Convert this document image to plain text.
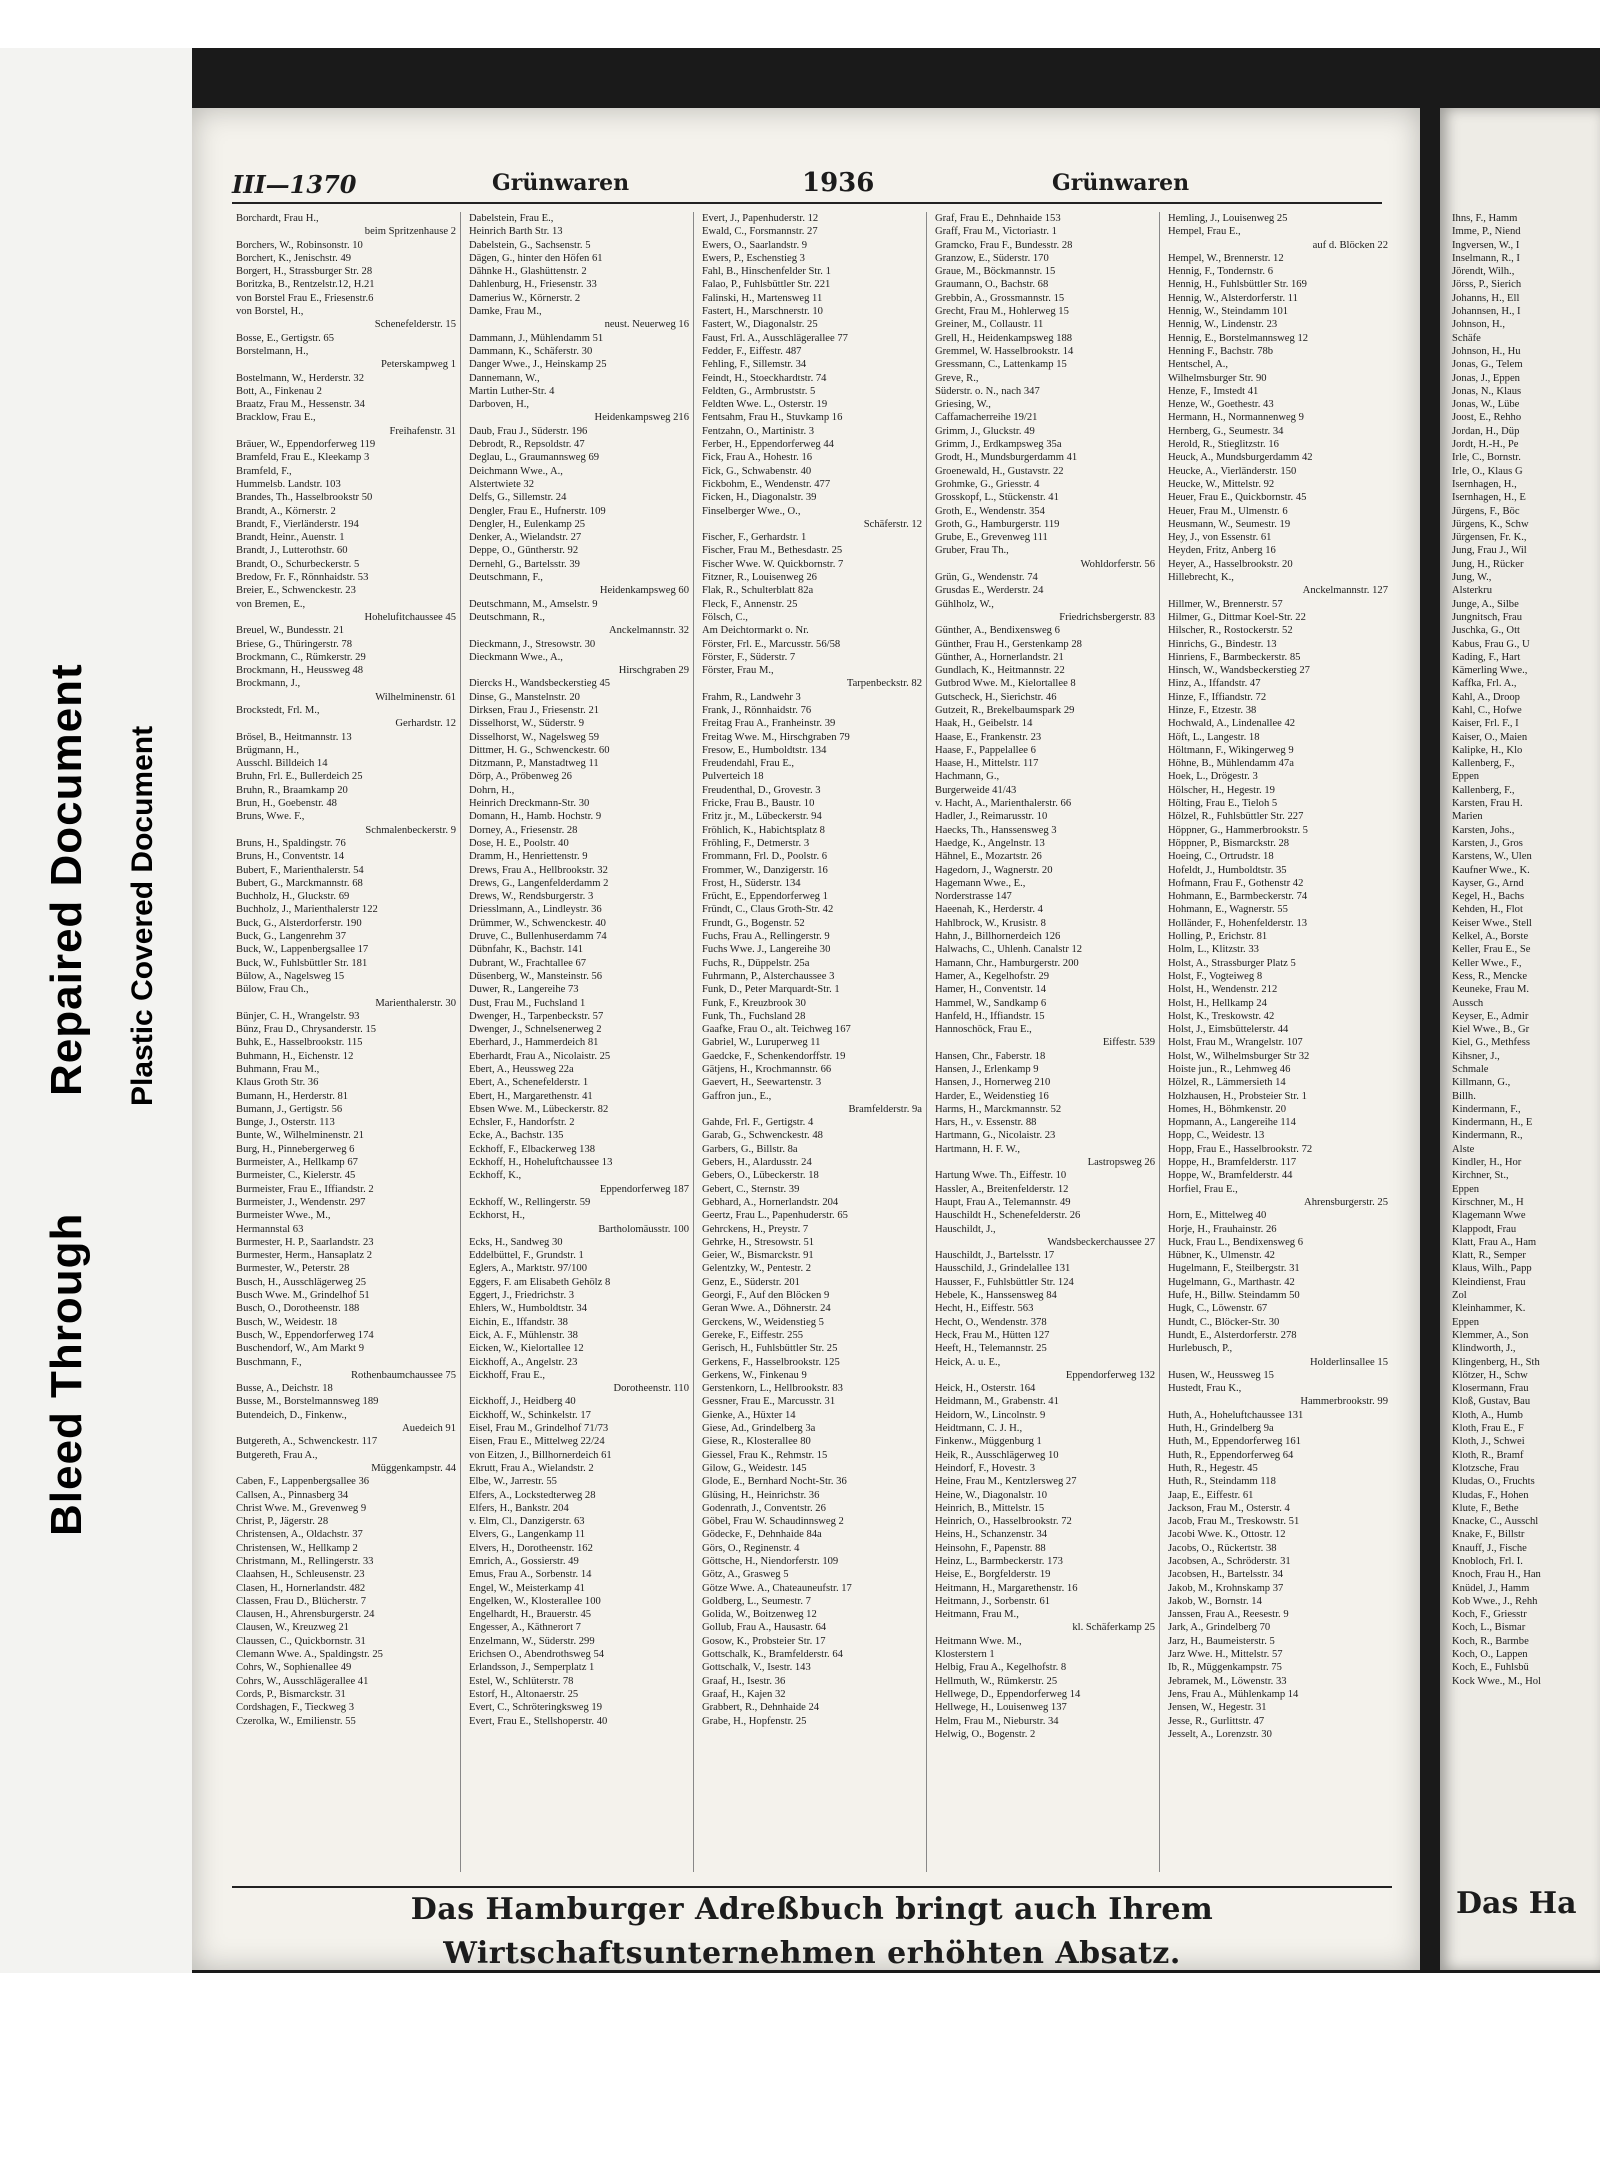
Bleed Through
Repaired Document Plastic Covered Document
III—1370	Grünwaren	1936	Grünwaren
Borchardt, Frau H.,
beim Spritzenhause 2
Borchers, W., Robinsonstr. 10
Borchert, K., Jenischstr. 49
Borgert, H., Strassburger Str. 28
Boritzka, B., Rentzelstr.12, H.21
von Borstel Frau E., Friesenstr.6
von Borstel, H.,
Schenefelderstr. 15
Bosse, E., Gertigstr. 65
Borstelmann, H.,
Peterskampweg 1
Bostelmann, W., Herderstr. 32
Bott, A., Finkenau 2
Braatz, Frau M., Hessenstr. 34
Bracklow, Frau E.,
Freihafenstr. 31
Bräuer, W., Eppendorferweg 119
Bramfeld, Frau E., Kleekamp 3
Bramfeld, F.,
Hummelsb. Landstr. 103
Brandes, Th., Hasselbrookstr 50
Brandt, A., Körnerstr. 2
Brandt, F., Vierländerstr. 194
Brandt, Heinr., Auenstr. 1
Brandt, J., Lutterothstr. 60
Brandt, O., Schurbeckerstr. 5
Bredow, Fr. F., Rönnhaidstr. 53
Breier, E., Schwenckestr. 23
von Bremen, E.,
Hohelufitchaussee 45
Breuel, W., Bundesstr. 21
Briese, G., Thüringerstr. 78
Brockmann, C., Rümkerstr. 29
Brockmann, H., Heussweg 48
Brockmann, J.,
Wilhelminenstr. 61
Brockstedt, Frl. M.,
Gerhardstr. 12
Brösel, B., Heitmannstr. 13
Brügmann, H.,
Ausschl. Billdeich 14
Bruhn, Frl. E., Bullerdeich 25
Bruhn, R., Braamkamp 20
Brun, H., Goebenstr. 48
Bruns, Wwe. F.,
Schmalenbeckerstr. 9
Bruns, H., Spaldingstr. 76
Bruns, H., Conventstr. 14
Bubert, F., Marienthalerstr. 54
Bubert, G., Marckmannstr. 68
Buchholz, H., Gluckstr. 69
Buchholz, J., Marienthalerstr 122
Buck, G., Alsterdorferstr. 190
Buck, G., Langenrehm 37
Buck, W., Lappenbergsallee 17
Buck, W., Fuhlsbüttler Str. 181
Bülow, A., Nagelsweg 15
Bülow, Frau Ch.,
Marienthalerstr. 30
Bünjer, C. H., Wrangelstr. 93
Bünz, Frau D., Chrysanderstr. 15
Buhk, E., Hasselbrookstr. 115
Buhmann, H., Eichenstr. 12
Buhmann, Frau M.,
Klaus Groth Str. 36
Bumann, H., Herderstr. 81
Bumann, J., Gertigstr. 56
Bunge, J., Osterstr. 113
Bunte, W., Wilhelminenstr. 21
Burg, H., Pinnebergerweg 6
Burmeister, A., Hellkamp 67
Burmeister, C., Kielerstr. 45
Burmeister, Frau E., Iffiandstr. 2
Burmeister, J., Wendenstr. 297
Burmeister Wwe., M.,
Hermannstal 63
Burmester, H. P., Saarlandstr. 23
Burmester, Herm., Hansaplatz 2
Burmester, W., Peterstr. 28
Busch, H., Ausschlägerweg 25
Busch Wwe. M., Grindelhof 51
Busch, O., Dorotheenstr. 188
Busch, W., Weidestr. 18
Busch, W., Eppendorferweg 174
Buschendorf, W., Am Markt 9
Buschmann, F.,
Rothenbaumchaussee 75
Busse, A., Deichstr. 18
Busse, M., Borstelmannsweg 189
Butendeich, D., Finkenw.,
Auedeich 91
Butgereth, A., Schwenckestr. 117
Butgereth, Frau A.,
Müggenkampstr. 44
Caben, F., Lappenbergsallee 36
Callsen, A., Pinnasberg 34
Christ Wwe. M., Grevenweg 9
Christ, P., Jägerstr. 28
Christensen, A., Oldachstr. 37
Christensen, W., Hellkamp 2
Christmann, M., Rellingerstr. 33
Claahsen, H., Schleusenstr. 23
Clasen, H., Hornerlandstr. 482
Classen, Frau D., Blücherstr. 7
Clausen, H., Ahrensburgerstr. 24
Clausen, W., Kreuzweg 21
Claussen, C., Quickbornstr. 31
Clemann Wwe. A., Spaldingstr. 25
Cohrs, W., Sophienallee 49
Cohrs, W., Ausschlägerallee 41
Cords, P., Bismarckstr. 31
Cordshagen, F., Tieckweg 3
Czerolka, W., Emilienstr. 55
Dabelstein, Frau E.,
Heinrich Barth Str. 13
Dabelstein, G., Sachsenstr. 5
Dägen, G., hinter den Höfen 61
Dähnke H., Glashüttenstr. 2
Dahlenburg, H., Friesenstr. 33
Damerius W., Körnerstr. 2
Damke, Frau M.,
neust. Neuerweg 16
Dammann, J., Mühlendamm 51
Dammann, K., Schäferstr. 30
Danger Wwe., J., Heinskamp 25
Dannemann, W.,
Martin Luther-Str. 4
Darboven, H.,
Heidenkampsweg 216
Daub, Frau J., Süderstr. 196
Debrodt, R., Repsoldstr. 47
Deglau, L., Graumannsweg 69
Deichmann Wwe., A.,
Alstertwiete 32
Delfs, G., Sillemstr. 24
Dengler, Frau E., Hufnerstr. 109
Dengler, H., Eulenkamp 25
Denker, A., Wielandstr. 27
Deppe, O., Güntherstr. 92
Dernehl, G., Bartelsstr. 39
Deutschmann, F.,
Heidenkampsweg 60
Deutschmann, M., Amselstr. 9
Deutschmann, R.,
Anckelmannstr. 32
Dieckmann, J., Stresowstr. 30
Dieckmann Wwe., A.,
Hirschgraben 29
Diercks H., Wandsbeckerstieg 45
Dinse, G., Manstelnstr. 20
Dirksen, Frau J., Friesenstr. 21
Disselhorst, W., Süderstr. 9
Disselhorst, W., Nagelsweg 59
Dittmer, H. G., Schwenckestr. 60
Ditzmann, P., Manstadtweg 11
Dörp, A., Pröbenweg 26
Dohrn, H.,
Heinrich Dreckmann-Str. 30
Domann, H., Hamb. Hochstr. 9
Dorney, A., Friesenstr. 28
Dose, H. E., Poolstr. 40
Dramm, H., Henriettenstr. 9
Drews, Frau A., Hellbrookstr. 32
Drews, G., Langenfelderdamm 2
Drews, W., Rendsburgerstr. 3
Driesslmann, A., Lindleystr. 36
Drümmer, W., Schwenckestr. 40
Druve, C., Bullenhuserdamm 74
Dübnfahr, K., Bachstr. 141
Dubrant, W., Frachtallee 67
Düsenberg, W., Mansteinstr. 56
Duwer, R., Langereihe 73
Dust, Frau M., Fuchsland 1
Dwenger, H., Tarpenbeckstr. 57
Dwenger, J., Schnelsenerweg 2
Eberhard, J., Hammerdeich 81
Eberhardt, Frau A., Nicolaistr. 25
Ebert, A., Heussweg 22a
Ebert, A., Schenefelderstr. 1
Ebert, H., Margarethenstr. 41
Ebsen Wwe. M., Lübeckerstr. 82
Echsler, F., Handorfstr. 2
Ecke, A., Bachstr. 135
Eckhoff, F., Elbackerweg 138
Eckhoff, H., Hoheluftchaussee 13
Eckhoff, K.,
Eppendorferweg 187
Eckhoff, W., Rellingerstr. 59
Eckhorst, H.,
Bartholomäusstr. 100
Ecks, H., Sandweg 30
Eddelbüttel, F., Grundstr. 1
Eglers, A., Marktstr. 97/100
Eggers, F. am Elisabeth Gehölz 8
Eggert, J., Friedrichstr. 3
Ehlers, W., Humboldtstr. 34
Eichin, E., Iffandstr. 38
Eick, A. F., Mühlenstr. 38
Eicken, W., Kielortallee 12
Eickhoff, A., Angelstr. 23
Eickhoff, Frau E.,
Dorotheenstr. 110
Eickhoff, J., Heidberg 40
Eickhoff, W., Schinkelstr. 17
Eisel, Frau M., Grindelhof 71/73
Eisen, Frau E., Mittelweg 22/24
von Eitzen, J., Billhornerdeich 61
Ekrutt, Frau A., Wielandstr. 2
Elbe, W., Jarrestr. 55
Elfers, A., Lockstedterweg 28
Elfers, H., Bankstr. 204
v. Elm, Cl., Danzigerstr. 63
Elvers, G., Langenkamp 11
Elvers, H., Dorotheenstr. 162
Emrich, A., Gossierstr. 49
Emus, Frau A., Sorbenstr. 14
Engel, W., Meisterkamp 41
Engelken, W., Klosterallee 100
Engelhardt, H., Brauerstr. 45
Engesser, A., Käthnerort 7
Enzelmann, W., Süderstr. 299
Erichsen O., Abendrothsweg 54
Erlandsson, J., Semperplatz 1
Estel, W., Schlüterstr. 78
Estorf, H., Altonaerstr. 25
Evert, C., Schröteringksweg 19
Evert, Frau E., Stellshoperstr. 40
Evert, J., Papenhuderstr. 12
Ewald, C., Forsmannstr. 27
Ewers, O., Saarlandstr. 9
Ewers, P., Eschenstieg 3
Fahl, B., Hinschenfelder Str. 1
Falao, P., Fuhlsbüttler Str. 221
Falinski, H., Martensweg 11
Fastert, H., Marschnerstr. 10
Fastert, W., Diagonalstr. 25
Faust, Frl. A., Ausschlägerallee 77
Fedder, F., Eiffestr. 487
Fehling, F., Sillemstr. 34
Feindt, H., Stoeckhardtstr. 74
Feldten, G., Armbruststr. 5
Feldten Wwe. L., Osterstr. 19
Fentsahm, Frau H., Stuvkamp 16
Fentzahn, O., Martinistr. 3
Ferber, H., Eppendorferweg 44
Fick, Frau A., Hohestr. 16
Fick, G., Schwabenstr. 40
Fickbohm, E., Wendenstr. 477
Ficken, H., Diagonalstr. 39
Finselberger Wwe., O.,
Schäferstr. 12
Fischer, F., Gerhardstr. 1
Fischer, Frau M., Bethesdastr. 25
Fischer Wwe. W. Quickbornstr. 7
Fitzner, R., Louisenweg 26
Flak, R., Schulterblatt 82a
Fleck, F., Annenstr. 25
Fölsch, C.,
Am Deichtormarkt o. Nr.
Förster, Frl. E., Marcusstr. 56/58
Förster, F., Süderstr. 7
Förster, Frau M.,
Tarpenbeckstr. 82
Frahm, R., Landwehr 3
Frank, J., Rönnhaidstr. 76
Freitag Frau A., Franheinstr. 39
Freitag Wwe. M., Hirschgraben 79
Fresow, E., Humboldtstr. 134
Freudendahl, Frau E.,
Pulverteich 18
Freudenthal, D., Grovestr. 3
Fricke, Frau B., Baustr. 10
Fritz jr., M., Lübeckerstr. 94
Fröhlich, K., Habichtsplatz 8
Fröhling, F., Detmerstr. 3
Frommann, Frl. D., Poolstr. 6
Frommer, W., Danzigerstr. 16
Frost, H., Süderstr. 134
Frücht, E., Eppendorferweg 1
Fründt, C., Claus Groth-Str. 42
Frundt, G., Bogenstr. 52
Fuchs, Frau A., Rellingerstr. 9
Fuchs Wwe. J., Langereihe 30
Fuchs, R., Düppelstr. 25a
Fuhrmann, P., Alsterchaussee 3
Funk, D., Peter Marquardt-Str. 1
Funk, F., Kreuzbrook 30
Funk, Th., Fuchsland 28
Gaafke, Frau O., alt. Teichweg 167
Gabriel, W., Luruperweg 11
Gaedcke, F., Schenkendorffstr. 19
Gätjens, H., Krochmannstr. 66
Gaevert, H., Seewartenstr. 3
Gaffron jun., E.,
Bramfelderstr. 9a
Gahde, Frl. F., Gertigstr. 4
Garab, G., Schwenckestr. 48
Garbers, G., Billstr. 8a
Gebers, H., Alardusstr. 24
Gebers, O., Lübeckerstr. 18
Gebert, C., Sternstr. 39
Gebhard, A., Hornerlandstr. 204
Geertz, Frau L., Papenhuderstr. 65
Gehrckens, H., Preystr. 7
Gehrke, H., Stresowstr. 51
Geier, W., Bismarckstr. 91
Gelentzky, W., Pentestr. 2
Genz, E., Süderstr. 201
Georgi, F., Auf den Blöcken 9
Geran Wwe. A., Döhnerstr. 24
Gerckens, W., Weidenstieg 5
Gereke, F., Eiffestr. 255
Gerisch, H., Fuhlsbüttler Str. 25
Gerkens, F., Hasselbrookstr. 125
Gerkens, W., Finkenau 9
Gerstenkorn, L., Hellbrookstr. 83
Gessner, Frau E., Marcusstr. 31
Gienke, A., Hüxter 14
Giese, Ad., Grindelberg 3a
Giese, R., Klosterallee 80
Giessel, Frau K., Rehmstr. 15
Gilow, G., Weidestr. 145
Glode, E., Bernhard Nocht-Str. 36
Glüsing, H., Heinrichstr. 36
Godenrath, J., Conventstr. 26
Göbel, Frau W. Schaudinnsweg 2
Gödecke, F., Dehnhaide 84a
Görs, O., Reginenstr. 4
Göttsche, H., Niendorferstr. 109
Götz, A., Grasweg 5
Götze Wwe. A., Chateauneufstr. 17
Goldberg, L., Seumestr. 7
Golida, W., Boitzenweg 12
Gollub, Frau A., Hausastr. 64
Gosow, K., Probsteier Str. 17
Gottschalk, K., Bramfelderstr. 64
Gottschalk, V., Isestr. 143
Graaf, H., Isestr. 36
Graaf, H., Kajen 32
Grabbert, R., Dehnhaide 24
Grabe, H., Hopfenstr. 25
Graf, Frau E., Dehnhaide 153
Graff, Frau M., Victoriastr. 1
Gramcko, Frau F., Bundesstr. 28
Granzow, E., Süderstr. 170
Graue, M., Böckmannstr. 15
Graumann, O., Bachstr. 68
Grebbin, A., Grossmannstr. 15
Grecht, Frau M., Hohlerweg 15
Greiner, M., Collaustr. 11
Grell, H., Heidenkampsweg 188
Gremmel, W. Hasselbrookstr. 14
Gressmann, C., Lattenkamp 15
Greve, R.,
Süderstr. o. N., nach 347
Griesing, W.,
Caffamacherreihe 19/21
Grimm, J., Gluckstr. 49
Grimm, J., Erdkampsweg 35a
Grodt, H., Mundsburgerdamm 41
Groenewald, H., Gustavstr. 22
Grohmke, G., Griesstr. 4
Grosskopf, L., Stückenstr. 41
Groth, E., Wendenstr. 354
Groth, G., Hamburgerstr. 119
Grube, E., Grevenweg 111
Gruber, Frau Th.,
Wohldorferstr. 56
Grün, G., Wendenstr. 74
Grusdas E., Werderstr. 24
Gühlholz, W.,
Friedrichsbergerstr. 83
Günther, A., Bendixensweg 6
Günther, Frau H., Gerstenkamp 28
Günther, A., Hornerlandstr. 21
Gundlach, K., Heitmannstr. 22
Gutbrod Wwe. M., Kielortallee 8
Gutscheck, H., Sierichstr. 46
Gutzeit, R., Brekelbaumspark 29
Haak, H., Geibelstr. 14
Haase, E., Frankenstr. 23
Haase, F., Pappelallee 6
Haase, H., Mittelstr. 117
Hachmann, G.,
Burgerweide 41/43
v. Hacht, A., Marienthalerstr. 66
Hadler, J., Reimarusstr. 10
Haecks, Th., Hanssensweg 3
Haedge, K., Angelnstr. 13
Hähnel, E., Mozartstr. 26
Hagedorn, J., Wagnerstr. 20
Hagemann Wwe., E.,
Norderstrasse 147
Haeenah, K., Herderstr. 4
Hahlbrock, W., Krusistr. 8
Hahn, J., Billhornerdeich 126
Halwachs, C., Uhlenh. Canalstr 12
Hamann, Chr., Hamburgerstr. 200
Hamer, A., Kegelhofstr. 29
Hamer, H., Conventstr. 14
Hammel, W., Sandkamp 6
Hanfeld, H., Iffiandstr. 15
Hannoschöck, Frau E.,
Eiffestr. 539
Hansen, Chr., Faberstr. 18
Hansen, J., Erlenkamp 9
Hansen, J., Hornerweg 210
Harder, E., Weidenstieg 16
Harms, H., Marckmannstr. 52
Hars, H., v. Essenstr. 88
Hartmann, G., Nicolaistr. 23
Hartmann, H. F. W.,
Lastropsweg 26
Hartung Wwe. Th., Eiffestr. 10
Hassler, A., Breitenfelderstr. 12
Haupt, Frau A., Telemannstr. 49
Hauschildt H., Schenefelderstr. 26
Hauschildt, J.,
Wandsbeckerchaussee 27
Hauschildt, J., Bartelsstr. 17
Hausschild, J., Grindelallee 131
Hausser, F., Fuhlsbüttler Str. 124
Hebele, K., Hanssensweg 84
Hecht, H., Eiffestr. 563
Hecht, O., Wendenstr. 378
Heck, Frau M., Hütten 127
Heeft, H., Telemannstr. 25
Heick, A. u. E.,
Eppendorferweg 132
Heick, H., Osterstr. 164
Heidmann, M., Grabenstr. 41
Heidorn, W., Lincolnstr. 9
Heidtmann, C. J. H.,
Finkenw., Müggenburg 1
Heik, R., Ausschlägerweg 10
Heindorf, F., Hovestr. 3
Heine, Frau M., Kentzlersweg 27
Heine, W., Diagonalstr. 10
Heinrich, B., Mittelstr. 15
Heinrich, O., Hasselbrookstr. 72
Heins, H., Schanzenstr. 34
Heinsohn, F., Papenstr. 88
Heinz, L., Barmbeckerstr. 173
Heise, E., Borgfelderstr. 19
Heitmann, H., Margarethenstr. 16
Heitmann, J., Sorbenstr. 61
Heitmann, Frau M.,
kl. Schäferkamp 25
Heitmann Wwe. M.,
Klosterstern 1
Helbig, Frau A., Kegelhofstr. 8
Hellmuth, W., Rümkerstr. 25
Hellwege, D., Eppendorferweg 14
Hellwege, H., Louisenweg 137
Helm, Frau M., Nieburstr. 34
Helwig, O., Bogenstr. 2
Hemling, J., Louisenweg 25
Hempel, Frau E.,
auf d. Blöcken 22
Hempel, W., Brennerstr. 12
Hennig, F., Tondernstr. 6
Hennig, H., Fuhlsbüttler Str. 169
Hennig, W., Alsterdorferstr. 11
Hennig, W., Steindamm 101
Hennig, W., Lindenstr. 23
Hennig, E., Borstelmannsweg 12
Henning F., Bachstr. 78b
Hentschel, A.,
Wilhelmsburger Str. 90
Henze, F., Imstedt 41
Henze, W., Goethestr. 43
Hermann, H., Normannenweg 9
Hernberg, G., Seumestr. 34
Herold, R., Stieglitzstr. 16
Heuck, A., Mundsburgerdamm 42
Heucke, A., Vierländerstr. 150
Heucke, W., Mittelstr. 92
Heuer, Frau E., Quickbornstr. 45
Heuer, Frau M., Ulmenstr. 6
Heusmann, W., Seumestr. 19
Hey, J., von Essenstr. 61
Heyden, Fritz, Anberg 16
Heyer, A., Hasselbrookstr. 20
Hillebrecht, K.,
Anckelmannstr. 127
Hillmer, W., Brennerstr. 57
Hilmer, G., Dittmar Koel-Str. 22
Hilscher, R., Rostockerstr. 52
Hinrichs, G., Bindestr. 13
Hinriens, F., Barmbeckerstr. 85
Hinsch, W., Wandsbeckerstieg 27
Hinz, A., Iffandstr. 47
Hinze, F., Iffiandstr. 72
Hinze, F., Etzestr. 38
Hochwald, A., Lindenallee 42
Höft, L., Langestr. 18
Höltmann, F., Wikingerweg 9
Höhne, B., Mühlendamm 47a
Hoek, L., Drögestr. 3
Hölscher, H., Hegestr. 19
Hölting, Frau E., Tieloh 5
Hölzel, R., Fuhlsbüttler Str. 227
Höppner, G., Hammerbrookstr. 5
Höppner, P., Bismarckstr. 28
Hoeing, C., Ortrudstr. 18
Hofeldt, J., Humboldtstr. 35
Hofmann, Frau F., Gothenstr 42
Hohmann, E., Barmbeckerstr. 74
Hohmann, E., Wagnerstr. 55
Holländer, F., Hohenfelderstr. 13
Holling, P., Erichstr. 81
Holm, L., Klitzstr. 33
Holst, A., Strassburger Platz 5
Holst, F., Vogteiweg 8
Holst, H., Wendenstr. 212
Holst, H., Hellkamp 24
Holst, K., Treskowstr. 42
Holst, J., Eimsbüttelerstr. 44
Holst, Frau M., Wrangelstr. 107
Holst, W., Wilhelmsburger Str 32
Hoiste jun., R., Lehmweg 46
Hölzel, R., Lämmersieth 14
Holzhausen, H., Probsteier Str. 1
Homes, H., Böhmkenstr. 20
Hopmann, A., Langereihe 114
Hopp, C., Weidestr. 13
Hopp, Frau E., Hasselbrookstr. 72
Hoppe, H., Bramfelderstr. 117
Hoppe, W., Bramfelderstr. 44
Horfiel, Frau E.,
Ahrensburgerstr. 25
Horn, E., Mittelweg 40
Horje, H., Frauhainstr. 26
Huck, Frau L., Bendixensweg 6
Hübner, K., Ulmenstr. 42
Hugelmann, F., Steilbergstr. 31
Hugelmann, G., Marthastr. 42
Hufe, H., Billw. Steindamm 50
Hugk, C., Löwenstr. 67
Hundt, C., Blöcker-Str. 30
Hundt, E., Alsterdorferstr. 278
Hurlebusch, P.,
Holderlinsallee 15
Husen, W., Heussweg 15
Hustedt, Frau K.,
Hammerbrookstr. 99
Huth, A., Hoheluftchaussee 131
Huth, H., Grindelberg 9a
Huth, M., Eppendorferweg 161
Huth, R., Eppendorferweg 64
Huth, R., Hegestr. 45
Huth, R., Steindamm 118
Jaap, E., Eiffestr. 61
Jackson, Frau M., Osterstr. 4
Jacob, Frau M., Treskowstr. 51
Jacobi Wwe. K., Ottostr. 12
Jacobs, O., Rückertstr. 38
Jacobsen, A., Schröderstr. 31
Jacobsen, H., Bartelsstr. 34
Jakob, M., Krohnskamp 37
Jakob, W., Bornstr. 14
Janssen, Frau A., Reesestr. 9
Jark, A., Grindelberg 70
Jarz, H., Baumeisterstr. 5
Jarz Wwe. H., Mittelstr. 57
Ib, R., Müggenkampstr. 75
Jebramek, M., Löwenstr. 33
Jens, Frau A., Mühlenkamp 14
Jensen, W., Hegestr. 31
Jesse, R., Gurlittstr. 47
Jesselt, A., Lorenzstr. 30
Das Hamburger Adreßbuch bringt auch Ihrem Wirtschaftsunternehmen erhöhten Absatz.
Ihns, F., Hamm
Imme, P., Niend
Ingversen, W., I
Inselmann, R., I
Jörendt, Wilh.,
Jörss, P., Sierich
Johanns, H., Ell
Johannsen, H., I
Johnson, H.,
Schäfe
Johnson, H., Hu
Jonas, G., Telem
Jonas, J., Eppen
Jonas, N., Klaus
Jonas, W., Lübe
Joost, E., Rehho
Jordan, H., Düp
Jordt, H.-H., Pe
Irle, C., Bornstr.
Irle, O., Klaus G
Isernhagen, H.,
Isernhagen, H., E
Jürgens, F., Böc
Jürgens, K., Schw
Jürgensen, Fr. K.,
Jung, Frau J., Wil
Jung, H., Rücker
Jung, W.,
Alsterkru
Junge, A., Silbe
Jungnitsch, Frau
Juschka, G., Ott
Kabus, Frau G., U
Kading, F., Hart
Kämerling Wwe.,
Kaffka, Frl. A.,
Kahl, A., Droop
Kahl, C., Hofwe
Kaiser, Frl. F., I
Kaiser, O., Maien
Kalipke, H., Klo
Kallenberg, F.,
Eppen
Kallenberg, F.,
Karsten, Frau H.
Marien
Karsten, Johs.,
Karsten, J., Gros
Karstens, W., Ulen
Kaufner Wwe., K.
Kayser, G., Arnd
Kegel, H., Bachs
Kehden, H., Flot
Keiser Wwe., Stell
Kelkel, A., Borste
Keller, Frau E., Se
Keller Wwe., F.,
Kess, R., Mencke
Keuneke, Frau M.
Aussch
Keyser, E., Admir
Kiel Wwe., B., Gr
Kiel, G., Methfess
Kihsner, J.,
Schmale
Killmann, G.,
Billh.
Kindermann, F.,
Kindermann, H., E
Kindermann, R.,
Alste
Kindler, H., Hor
Kirchner, St.,
Eppen
Kirschner, M., H
Klagemann Wwe
Klappodt, Frau
Klatt, Frau A., Ham
Klatt, R., Semper
Klaus, Wilh., Papp
Kleindienst, Frau
Zol
Kleinhammer, K.
Eppen
Klemmer, A., Son
Klindworth, J.,
Klingenberg, H., Sth
Klötzer, H., Schw
Klosermann, Frau
Kloß, Gustav, Bau
Kloth, A., Humb
Kloth, Frau E., F
Kloth, J., Schwei
Kloth, R., Bramf
Klotzsche, Frau
Kludas, O., Fruchts
Kludas, F., Hohen
Klute, F., Bethe
Knacke, C., Ausschl
Knake, F., Billstr
Knauff, J., Fische
Knobloch, Frl. I.
Knoch, Frau H., Han
Knüdel, J., Hamm
Kob Wwe., J., Rehh
Koch, F., Griesstr
Koch, L., Bismar
Koch, R., Barmbe
Koch, O., Lappen
Koch, E., Fuhlsbü
Kock Wwe., M., Hol
Das Ha
